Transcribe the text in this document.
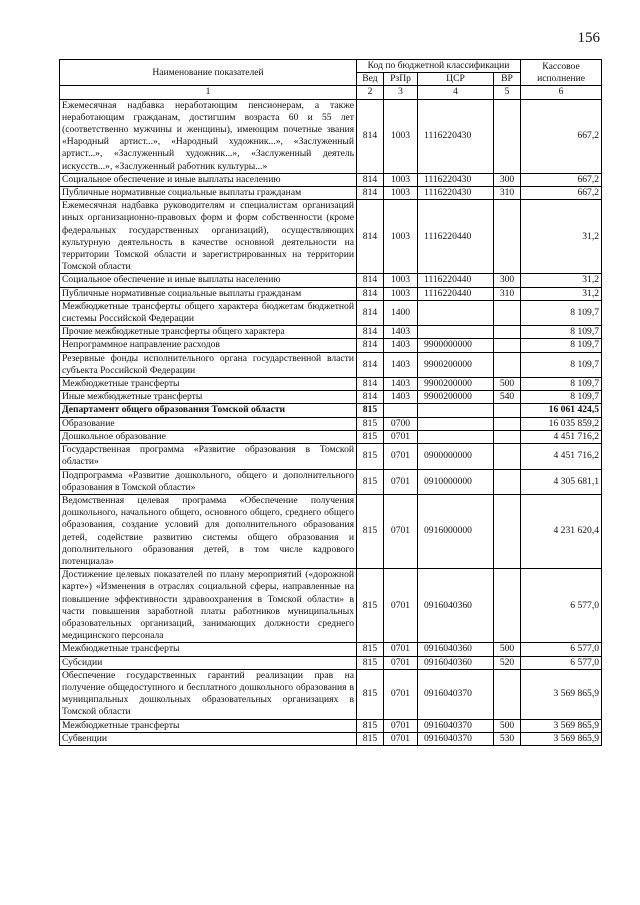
156
Наименование показателей	Код по бюджетной классификации				Кассовое исполнение
	Вед	РзПр	ЦСР	ВР	
1	2	3	4	5	6
Ежемесячная надбавка неработающим пенсионерам, а также неработающим гражданам, достигшим возраста 60 и 55 лет (соответственно мужчины и женщины), имеющим почетные звания «Народный артист...», «Народный художник...», «Заслуженный артист...», «Заслуженный художник...», «Заслуженный деятель искусств...», «Заслуженный работник культуры...»	814	1003	1116220430		667,2
Социальное обеспечение и иные выплаты населению	814	1003	1116220430	300	667,2
Публичные нормативные социальные выплаты гражданам	814	1003	1116220430	310	667,2
Ежемесячная надбавка руководителям и специалистам организаций иных организационно-правовых форм и форм собственности (кроме федеральных государственных организаций), осуществляющих культурную деятельность в качестве основной деятельности на территории Томской области и зарегистрированных на территории Томской области	814	1003	1116220440		31,2
Социальное обеспечение и иные выплаты населению	814	1003	1116220440	300	31,2
Публичные нормативные социальные выплаты гражданам	814	1003	1116220440	310	31,2
Межбюджетные трансферты общего характера бюджетам бюджетной системы Российской Федерации	814	1400			8 109,7
Прочие межбюджетные трансферты общего характера	814	1403			8 109,7
Непрограммное направление расходов	814	1403	9900000000		8 109,7
Резервные фонды исполнительного органа государственной власти субъекта Российской Федерации	814	1403	9900200000		8 109,7
Межбюджетные трансферты	814	1403	9900200000	500	8 109,7
Иные межбюджетные трансферты	814	1403	9900200000	540	8 109,7
Департамент общего образования Томской области	815				16 061 424,5
Образование	815	0700			16 035 859,2
Дошкольное образование	815	0701			4 451 716,2
Государственная программа «Развитие образования в Томской области»	815	0701	0900000000		4 451 716,2
Подпрограмма «Развитие дошкольного, общего и дополнительного образования в Томской области»	815	0701	0910000000		4 305 681,1
Ведомственная целевая программа «Обеспечение получения дошкольного, начального общего, основного общего, среднего общего образования, создание условий для дополнительного образования детей, содействие развитию системы общего образования и дополнительного образования детей, в том числе кадрового потенциала»	815	0701	0916000000		4 231 620,4
Достижение целевых показателей по плану мероприятий («дорожной карте») «Изменения в отраслях социальной сферы, направленные на повышение эффективности здравоохранения в Томской области» в части повышения заработной платы работников муниципальных образовательных организаций, занимающих должности среднего медицинского персонала	815	0701	0916040360		6 577,0
Межбюджетные трансферты	815	0701	0916040360	500	6 577,0
Субсидии	815	0701	0916040360	520	6 577,0
Обеспечение государственных гарантий реализации прав на получение общедоступного и бесплатного дошкольного образования в муниципальных дошкольных образовательных организациях в Томской области	815	0701	0916040370		3 569 865,9
Межбюджетные трансферты	815	0701	0916040370	500	3 569 865,9
Субвенции	815	0701	0916040370	530	3 569 865,9
